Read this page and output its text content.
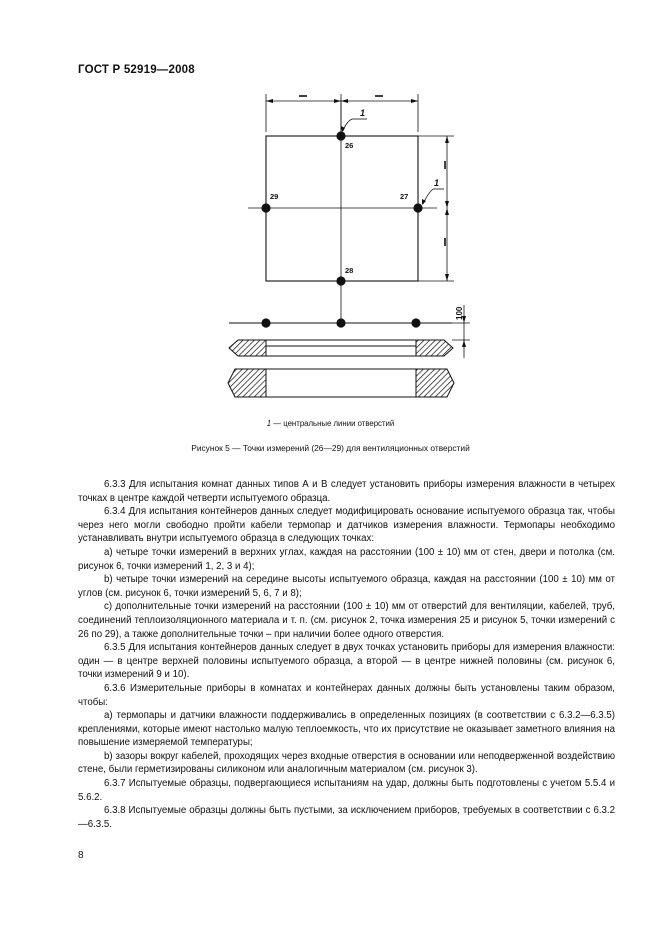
ГОСТ Р 52919—2008
26
27
28
29
1
1
100
1 — центральные линии отверстий
Рисунок 5 — Точки измерений (26—29) для вентиляционных отверстий

6.3.3 Для испытания комнат данных типов А и В следует установить приборы измерения влажности в четырех точках в центре каждой четверти испытуемого образца.

6.3.4 Для испытания контейнеров данных следует модифицировать основание испытуемого образца так, чтобы через него могли свободно пройти кабели термопар и датчиков измерения влажности. Термопары необходимо устанавливать внутри испытуемого образца в следующих точках:

а) четыре точки измерений в верхних углах, каждая на расстоянии (100 ± 10) мм от стен, двери и потолка (см. рисунок 6, точки измерений 1, 2, 3 и 4);

b) четыре точки измерений на середине высоты испытуемого образца, каждая на расстоянии (100 ± 10) мм от углов (см. рисунок 6, точки измерений 5, 6, 7 и 8);

c) дополнительные точки измерений на расстоянии (100 ± 10) мм от отверстий для вентиляции, кабелей, труб, соединений теплоизоляционного материала и т. п. (см. рисунок 2, точка измерения 25 и рисунок 5, точки измерений с 26 по 29), а также дополнительные точки – при наличии более одного отверстия.

6.3.5 Для испытания контейнеров данных следует в двух точках установить приборы для измерения влажности: один — в центре верхней половины испытуемого образца, а второй — в центре нижней половины (см. рисунок 6, точки измерений 9 и 10).

6.3.6 Измерительные приборы в комнатах и контейнерах данных должны быть установлены таким образом, чтобы:

а) термопары и датчики влажности поддерживались в определенных позициях (в соответствии с 6.3.2—6.3.5) креплениями, которые имеют настолько малую теплоемкость, что их присутствие не оказывает заметного влияния на повышение измеряемой температуры;

b) зазоры вокруг кабелей, проходящих через входные отверстия в основании или неподверженной воздействию стене, были герметизированы силиконом или аналогичным материалом (см. рисунок 3).

6.3.7 Испытуемые образцы, подвергающиеся испытаниям на удар, должны быть подготовлены с учетом 5.5.4 и 5.6.2.

6.3.8 Испытуемые образцы должны быть пустыми, за исключением приборов, требуемых в соответствии с 6.3.2—6.3.5.

8
